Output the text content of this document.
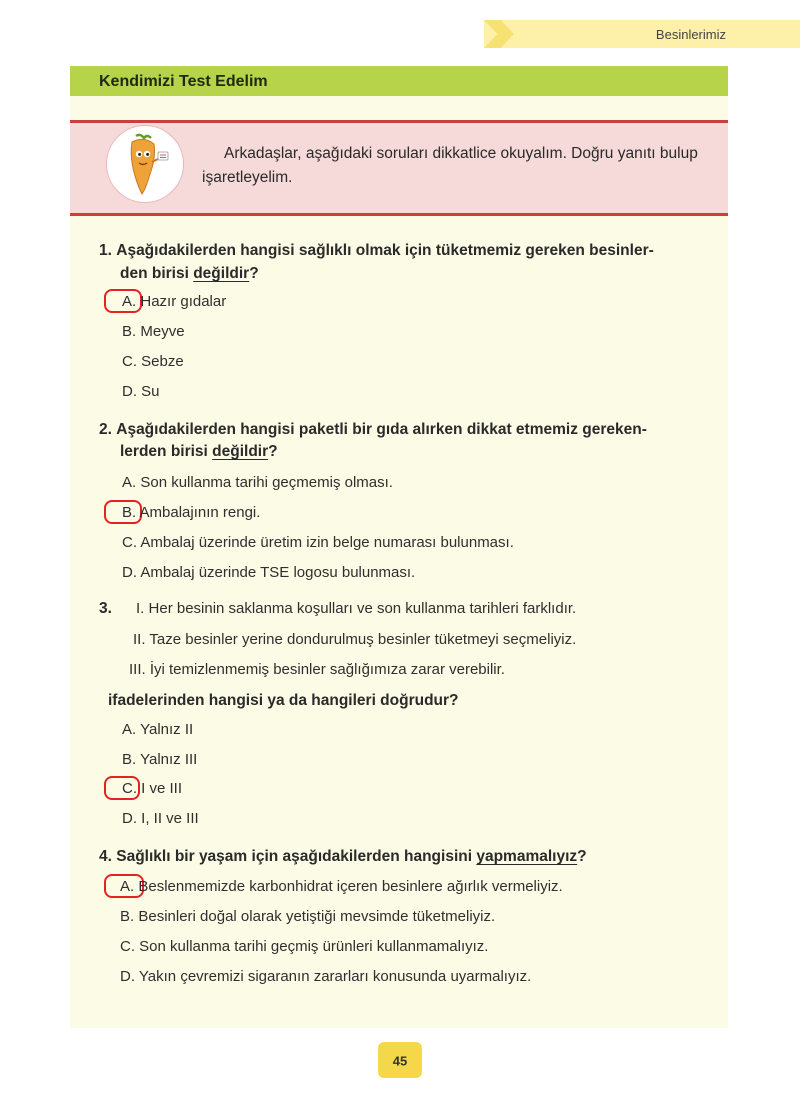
Besinlerimiz
Kendimizi Test Edelim
Arkadaşlar, aşağıdaki soruları dikkatlice okuyalım. Doğru yanıtı bulup işaretleyelim.
1. Aşağıdakilerden hangisi sağlıklı olmak için tüketmemiz gereken besinler-
den birisi değildir?
A. Hazır gıdalar
B. Meyve
C. Sebze
D. Su
2. Aşağıdakilerden hangisi paketli bir gıda alırken dikkat etmemiz gereken-
lerden birisi değildir?
A. Son kullanma tarihi geçmemiş olması.
B. Ambalajının rengi.
C. Ambalaj üzerinde üretim izin belge numarası bulunması.
D. Ambalaj üzerinde TSE logosu bulunması.
3. I. Her besinin saklanma koşulları ve son kullanma tarihleri farklıdır.
II. Taze besinler yerine dondurulmuş besinler tüketmeyi seçmeliyiz.
III. İyi temizlenmemiş besinler sağlığımıza zarar verebilir.
ifadelerinden hangisi ya da hangileri doğrudur?
A. Yalnız II
B. Yalnız III
C. I ve III
D. I, II ve III
4. Sağlıklı bir yaşam için aşağıdakilerden hangisini yapmamalıyız?
A. Beslenmemizde karbonhidrat içeren besinlere ağırlık vermeliyiz.
B. Besinleri doğal olarak yetiştiği mevsimde tüketmeliyiz.
C. Son kullanma tarihi geçmiş ürünleri kullanmamalıyız.
D. Yakın çevremizi sigaranın zararları konusunda uyarmalıyız.
45
